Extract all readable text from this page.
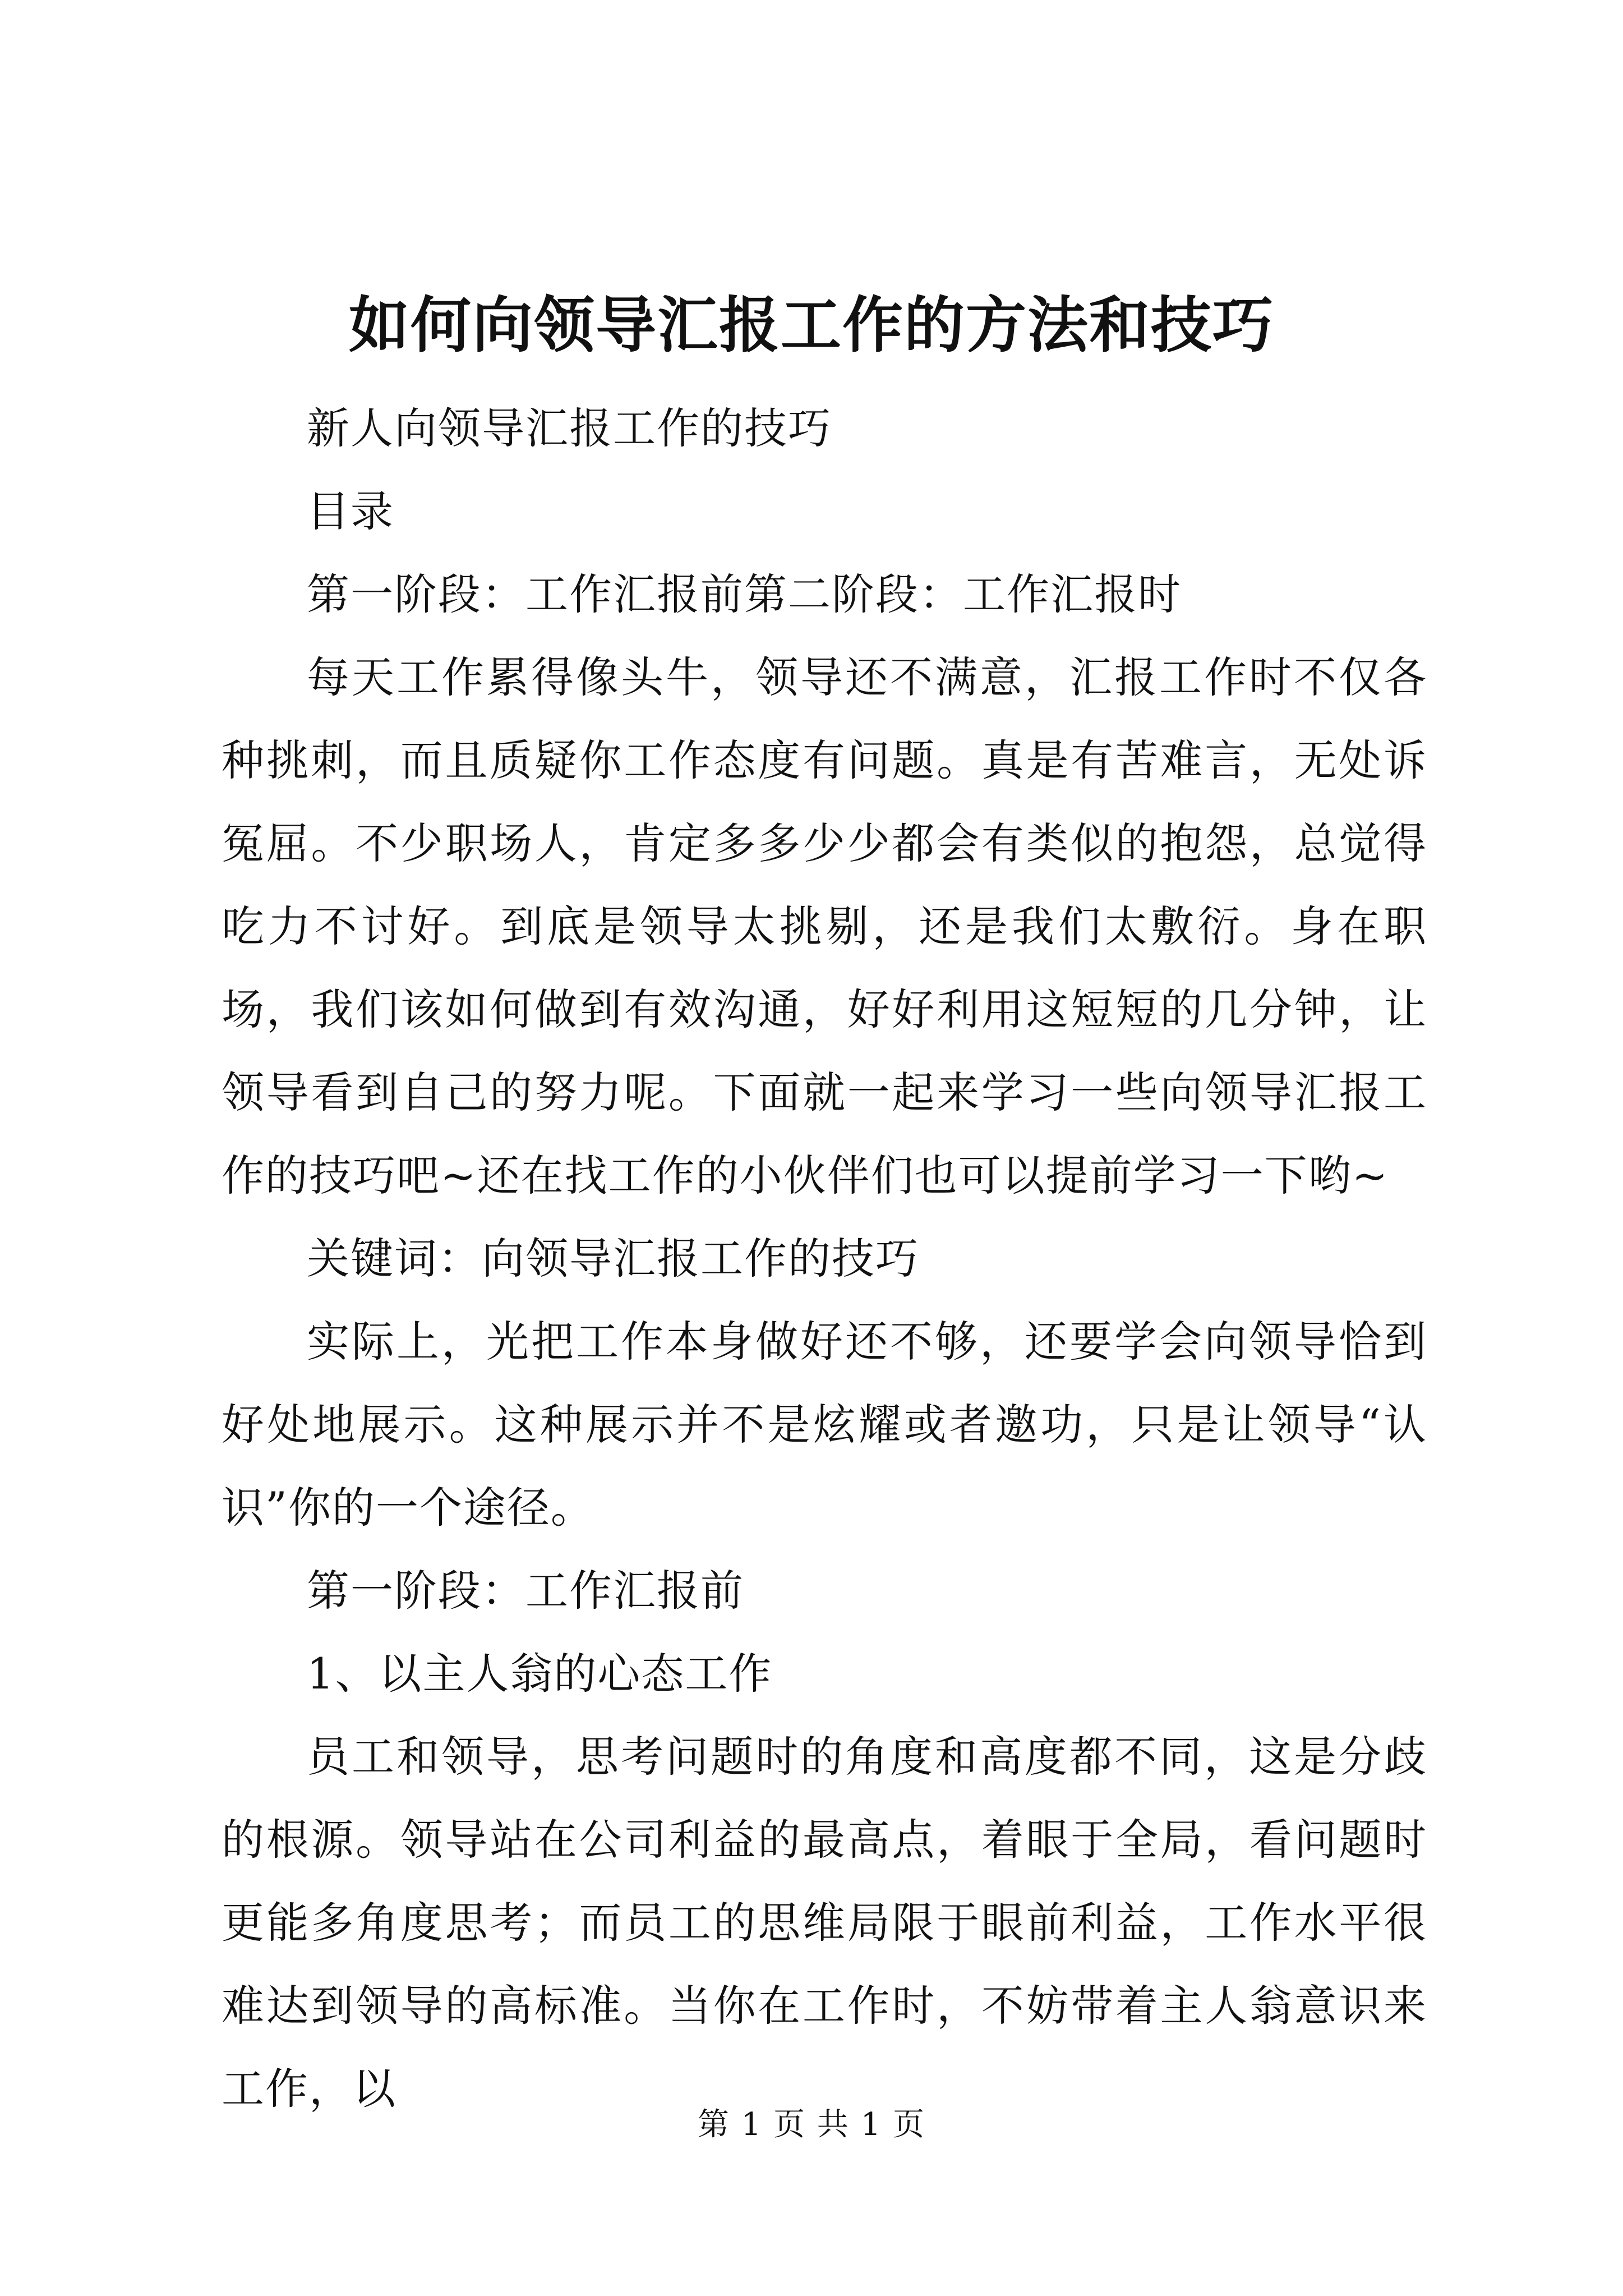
如何向领导汇报工作的方法和技巧

新人向领导汇报工作的技巧

目录

第一阶段：工作汇报前第二阶段：工作汇报时

每天工作累得像头牛，领导还不满意，汇报工作时不仅各种挑刺，而且质疑你工作态度有问题。真是有苦难言，无处诉冤屈。不少职场人，肯定多多少少都会有类似的抱怨，总觉得吃力不讨好。到底是领导太挑剔，还是我们太敷衍。身在职场，我们该如何做到有效沟通，好好利用这短短的几分钟，让领导看到自己的努力呢。下面就一起来学习一些向领导汇报工作的技巧吧~还在找工作的小伙伴们也可以提前学习一下哟~

关键词：向领导汇报工作的技巧

实际上，光把工作本身做好还不够，还要学会向领导恰到好处地展示。这种展示并不是炫耀或者邀功，只是让领导“认识”你的一个途径。

第一阶段：工作汇报前

1、以主人翁的心态工作

员工和领导，思考问题时的角度和高度都不同，这是分歧的根源。领导站在公司利益的最高点，着眼于全局，看问题时更能多角度思考；而员工的思维局限于眼前利益，工作水平很难达到领导的高标准。当你在工作时，不妨带着主人翁意识来工作，以

第 1 页 共 1 页
